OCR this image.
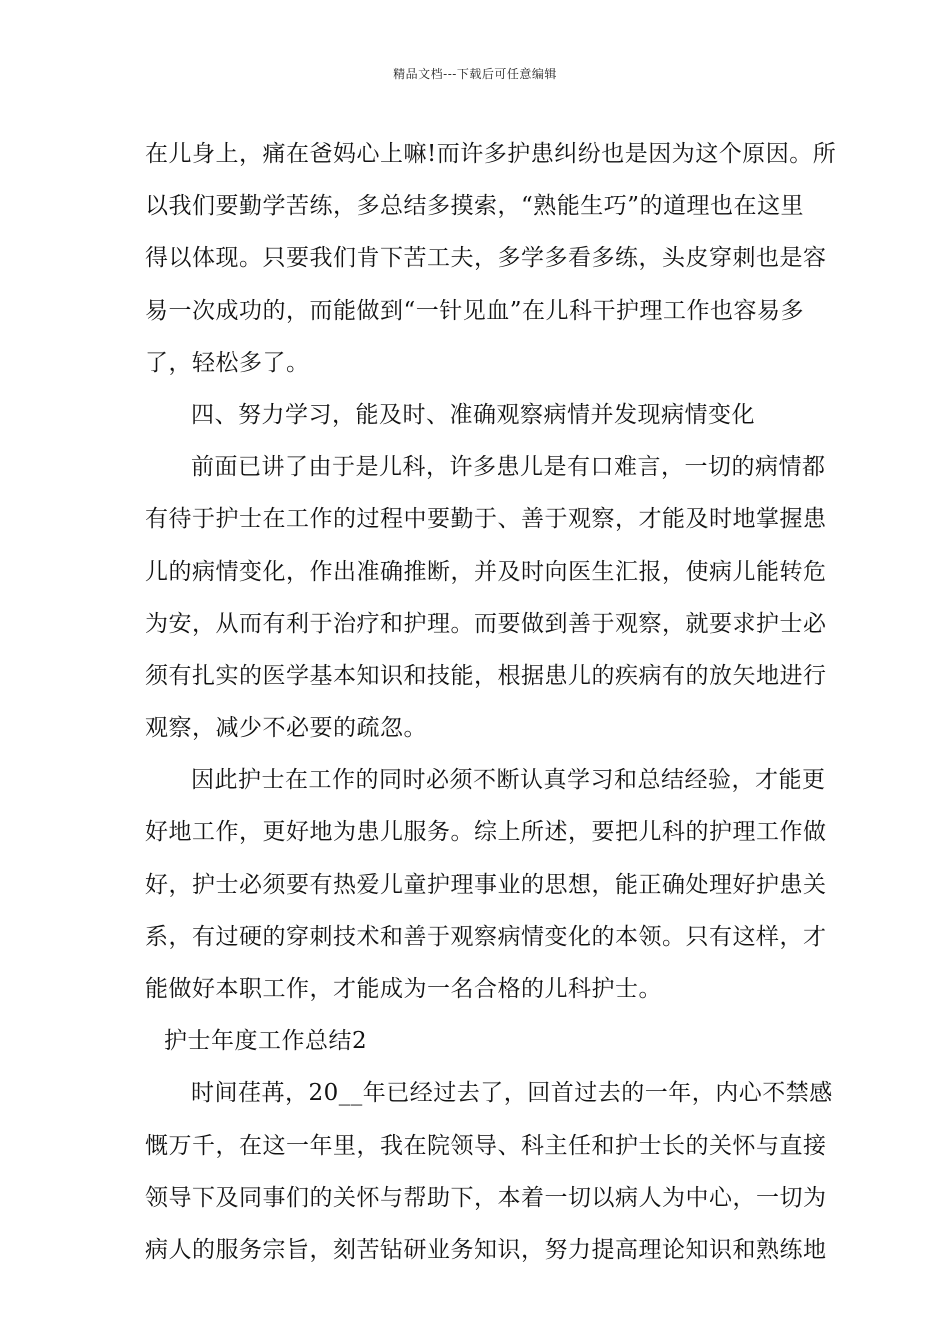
精品文档---下载后可任意编辑
在儿身上，痛在爸妈心上嘛!而许多护患纠纷也是因为这个原因。所
以我们要勤学苦练，多总结多摸索，“熟能生巧”的道理也在这里
得以体现。只要我们肯下苦工夫，多学多看多练，头皮穿刺也是容
易一次成功的，而能做到“一针见血”在儿科干护理工作也容易多
了，轻松多了。
四、努力学习，能及时、准确观察病情并发现病情变化
前面已讲了由于是儿科，许多患儿是有口难言，一切的病情都
有待于护士在工作的过程中要勤于、善于观察，才能及时地掌握患
儿的病情变化，作出准确推断，并及时向医生汇报，使病儿能转危
为安，从而有利于治疗和护理。而要做到善于观察，就要求护士必
须有扎实的医学基本知识和技能，根据患儿的疾病有的放矢地进行
观察，减少不必要的疏忽。
因此护士在工作的同时必须不断认真学习和总结经验，才能更
好地工作，更好地为患儿服务。综上所述，要把儿科的护理工作做
好，护士必须要有热爱儿童护理事业的思想，能正确处理好护患关
系，有过硬的穿刺技术和善于观察病情变化的本领。只有这样，才
能做好本职工作，才能成为一名合格的儿科护士。
护士年度工作总结2
时间荏苒，20__年已经过去了，回首过去的一年，内心不禁感
慨万千，在这一年里，我在院领导、科主任和护士长的关怀与直接
领导下及同事们的关怀与帮助下，本着一切以病人为中心，一切为
病人的服务宗旨，刻苦钻研业务知识，努力提高理论知识和熟练地
